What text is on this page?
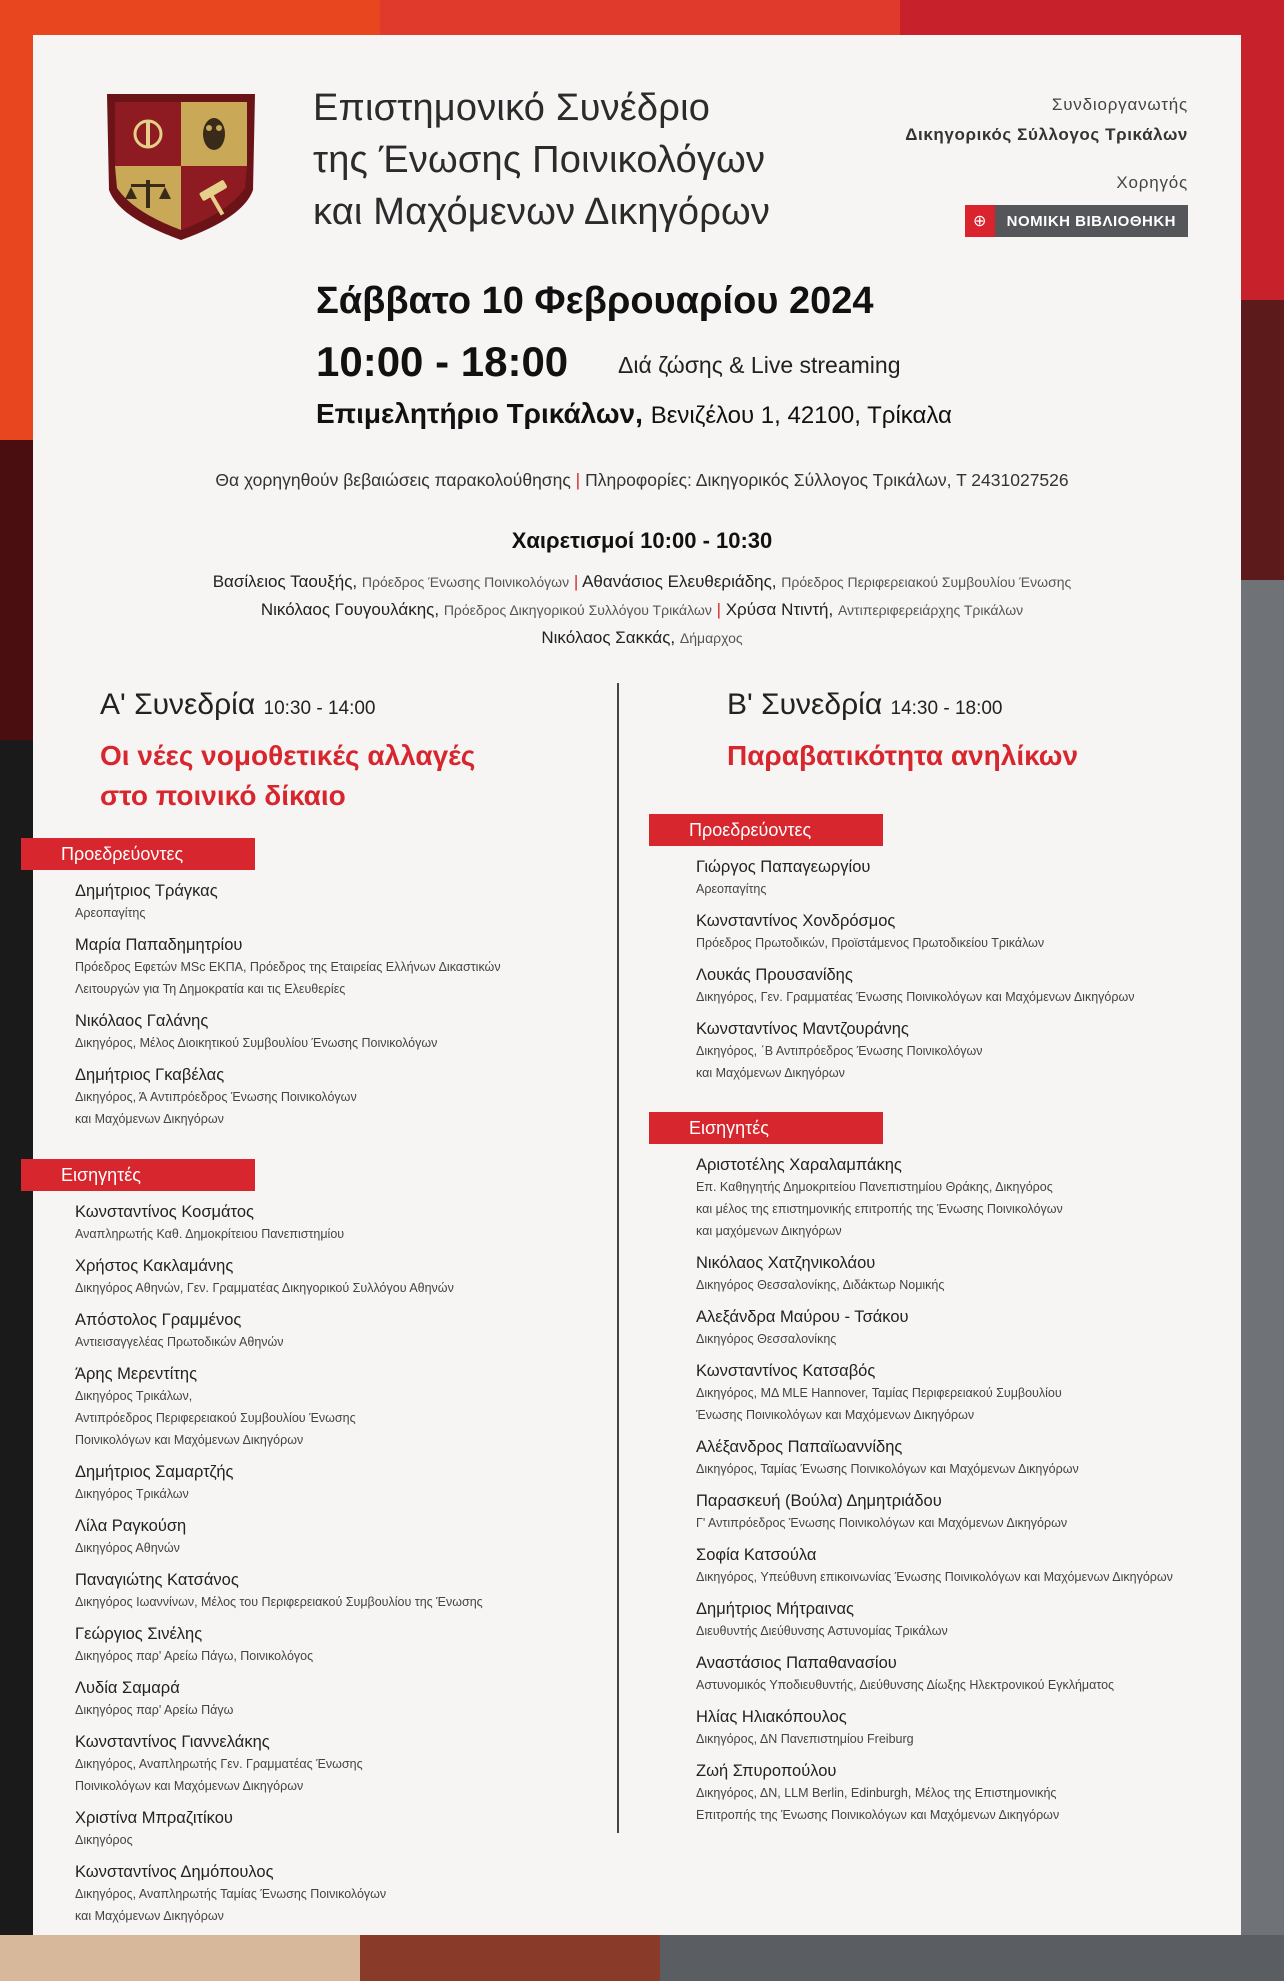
Επιστημονικό Συνέδριο
της Ένωσης Ποινικολόγων
και Μαχόμενων Δικηγόρων
Συνδιοργανωτής
Δικηγορικός Σύλλογος Τρικάλων
Χορηγός
⊕	ΝΟΜΙΚΗ ΒΙΒΛΙΟΘΗΚΗ
Σάββατο 10 Φεβρουαρίου 2024
10:00 - 18:00 Διά ζώσης & Live streaming
Επιμελητήριο Τρικάλων, Βενιζέλου 1, 42100, Τρίκαλα
Θα χορηγηθούν βεβαιώσεις παρακολούθησης | Πληροφορίες: Δικηγορικός Σύλλογος Τρικάλων, Τ 2431027526
Χαιρετισμοί 10:00 - 10:30
Βασίλειος Ταουξής, Πρόεδρος Ένωσης Ποινικολόγων | Αθανάσιος Ελευθεριάδης, Πρόεδρος Περιφερειακού Συμβουλίου Ένωσης
Νικόλαος Γουγουλάκης, Πρόεδρος Δικηγορικού Συλλόγου Τρικάλων | Χρύσα Ντιντή, Αντιπεριφερειάρχης Τρικάλων
Νικόλαος Σακκάς, Δήμαρχος
Α' Συνεδρία 10:30 - 14:00
Οι νέες νομοθετικές αλλαγές
στο ποινικό δίκαιο
Προεδρεύοντες
Δημήτριος Τράγκας
Αρεοπαγίτης
Μαρία Παπαδημητρίου
Πρόεδρος Εφετών MSc ΕΚΠΑ, Πρόεδρος της Εταιρείας Ελλήνων Δικαστικών
Λειτουργών για Τη Δημοκρατία και τις Ελευθερίες
Νικόλαος Γαλάνης
Δικηγόρος, Μέλος Διοικητικού Συμβουλίου Ένωσης Ποινικολόγων
Δημήτριος Γκαβέλας
Δικηγόρος, Ά Αντιπρόεδρος Ένωσης Ποινικολόγων
και Μαχόμενων Δικηγόρων
Εισηγητές
Κωνσταντίνος Κοσμάτος
Αναπληρωτής Καθ. Δημοκρίτειου Πανεπιστημίου
Χρήστος Κακλαμάνης
Δικηγόρος Αθηνών, Γεν. Γραμματέας Δικηγορικού Συλλόγου Αθηνών
Απόστολος Γραμμένος
Αντιεισαγγελέας Πρωτοδικών Αθηνών
Άρης Μερεντίτης
Δικηγόρος Τρικάλων,
Αντιπρόεδρος Περιφερειακού Συμβουλίου Ένωσης
Ποινικολόγων και Μαχόμενων Δικηγόρων
Δημήτριος Σαμαρτζής
Δικηγόρος Τρικάλων
Λίλα Ραγκούση
Δικηγόρος Αθηνών
Παναγιώτης Κατσάνος
Δικηγόρος Ιωαννίνων, Μέλος του Περιφερειακού Συμβουλίου της Ένωσης
Γεώργιος Σινέλης
Δικηγόρος παρ' Αρείω Πάγω, Ποινικολόγος
Λυδία Σαμαρά
Δικηγόρος παρ' Αρείω Πάγω
Κωνσταντίνος Γιαννελάκης
Δικηγόρος, Αναπληρωτής Γεν. Γραμματέας Ένωσης
Ποινικολόγων και Μαχόμενων Δικηγόρων
Χριστίνα Μπραζιτίκου
Δικηγόρος
Κωνσταντίνος Δημόπουλος
Δικηγόρος, Αναπληρωτής Ταμίας Ένωσης Ποινικολόγων
και Μαχόμενων Δικηγόρων
Β' Συνεδρία 14:30 - 18:00
Παραβατικότητα ανηλίκων
Προεδρεύοντες
Γιώργος Παπαγεωργίου
Αρεοπαγίτης
Κωνσταντίνος Χονδρόσμος
Πρόεδρος Πρωτοδικών, Προϊστάμενος Πρωτοδικείου Τρικάλων
Λουκάς Προυσανίδης
Δικηγόρος, Γεν. Γραμματέας Ένωσης Ποινικολόγων και Μαχόμενων Δικηγόρων
Κωνσταντίνος Μαντζουράνης
Δικηγόρος, ΄Β Αντιπρόεδρος Ένωσης Ποινικολόγων
και Μαχόμενων Δικηγόρων
Εισηγητές
Αριστοτέλης Χαραλαμπάκης
Επ. Καθηγητής Δημοκριτείου Πανεπιστημίου Θράκης, Δικηγόρος
και μέλος της επιστημονικής επιτροπής της Ένωσης Ποινικολόγων
και μαχόμενων Δικηγόρων
Νικόλαος Χατζηνικολάου
Δικηγόρος Θεσσαλονίκης, Διδάκτωρ Νομικής
Αλεξάνδρα Μαύρου - Τσάκου
Δικηγόρος Θεσσαλονίκης
Κωνσταντίνος Κατσαβός
Δικηγόρος, ΜΔ MLE Hannover, Ταμίας Περιφερειακού Συμβουλίου
Ένωσης Ποινικολόγων και Μαχόμενων Δικηγόρων
Αλέξανδρος Παπαϊωαννίδης
Δικηγόρος, Ταμίας Ένωσης Ποινικολόγων και Μαχόμενων Δικηγόρων
Παρασκευή (Βούλα) Δημητριάδου
Γ' Αντιπρόεδρος Ένωσης Ποινικολόγων και Μαχόμενων Δικηγόρων
Σοφία Κατσούλα
Δικηγόρος, Υπεύθυνη επικοινωνίας Ένωσης Ποινικολόγων και Μαχόμενων Δικηγόρων
Δημήτριος Μήτραινας
Διευθυντής Διεύθυνσης Αστυνομίας Τρικάλων
Αναστάσιος Παπαθανασίου
Αστυνομικός Υποδιευθυντής, Διεύθυνσης Δίωξης Ηλεκτρονικού Εγκλήματος
Ηλίας Ηλιακόπουλος
Δικηγόρος, ΔΝ Πανεπιστημίου Freiburg
Ζωή Σπυροπούλου
Δικηγόρος, ΔΝ, LLM Berlin, Edinburgh, Μέλος της Επιστημονικής
Επιτροπής της Ένωσης Ποινικολόγων και Μαχόμενων Δικηγόρων
